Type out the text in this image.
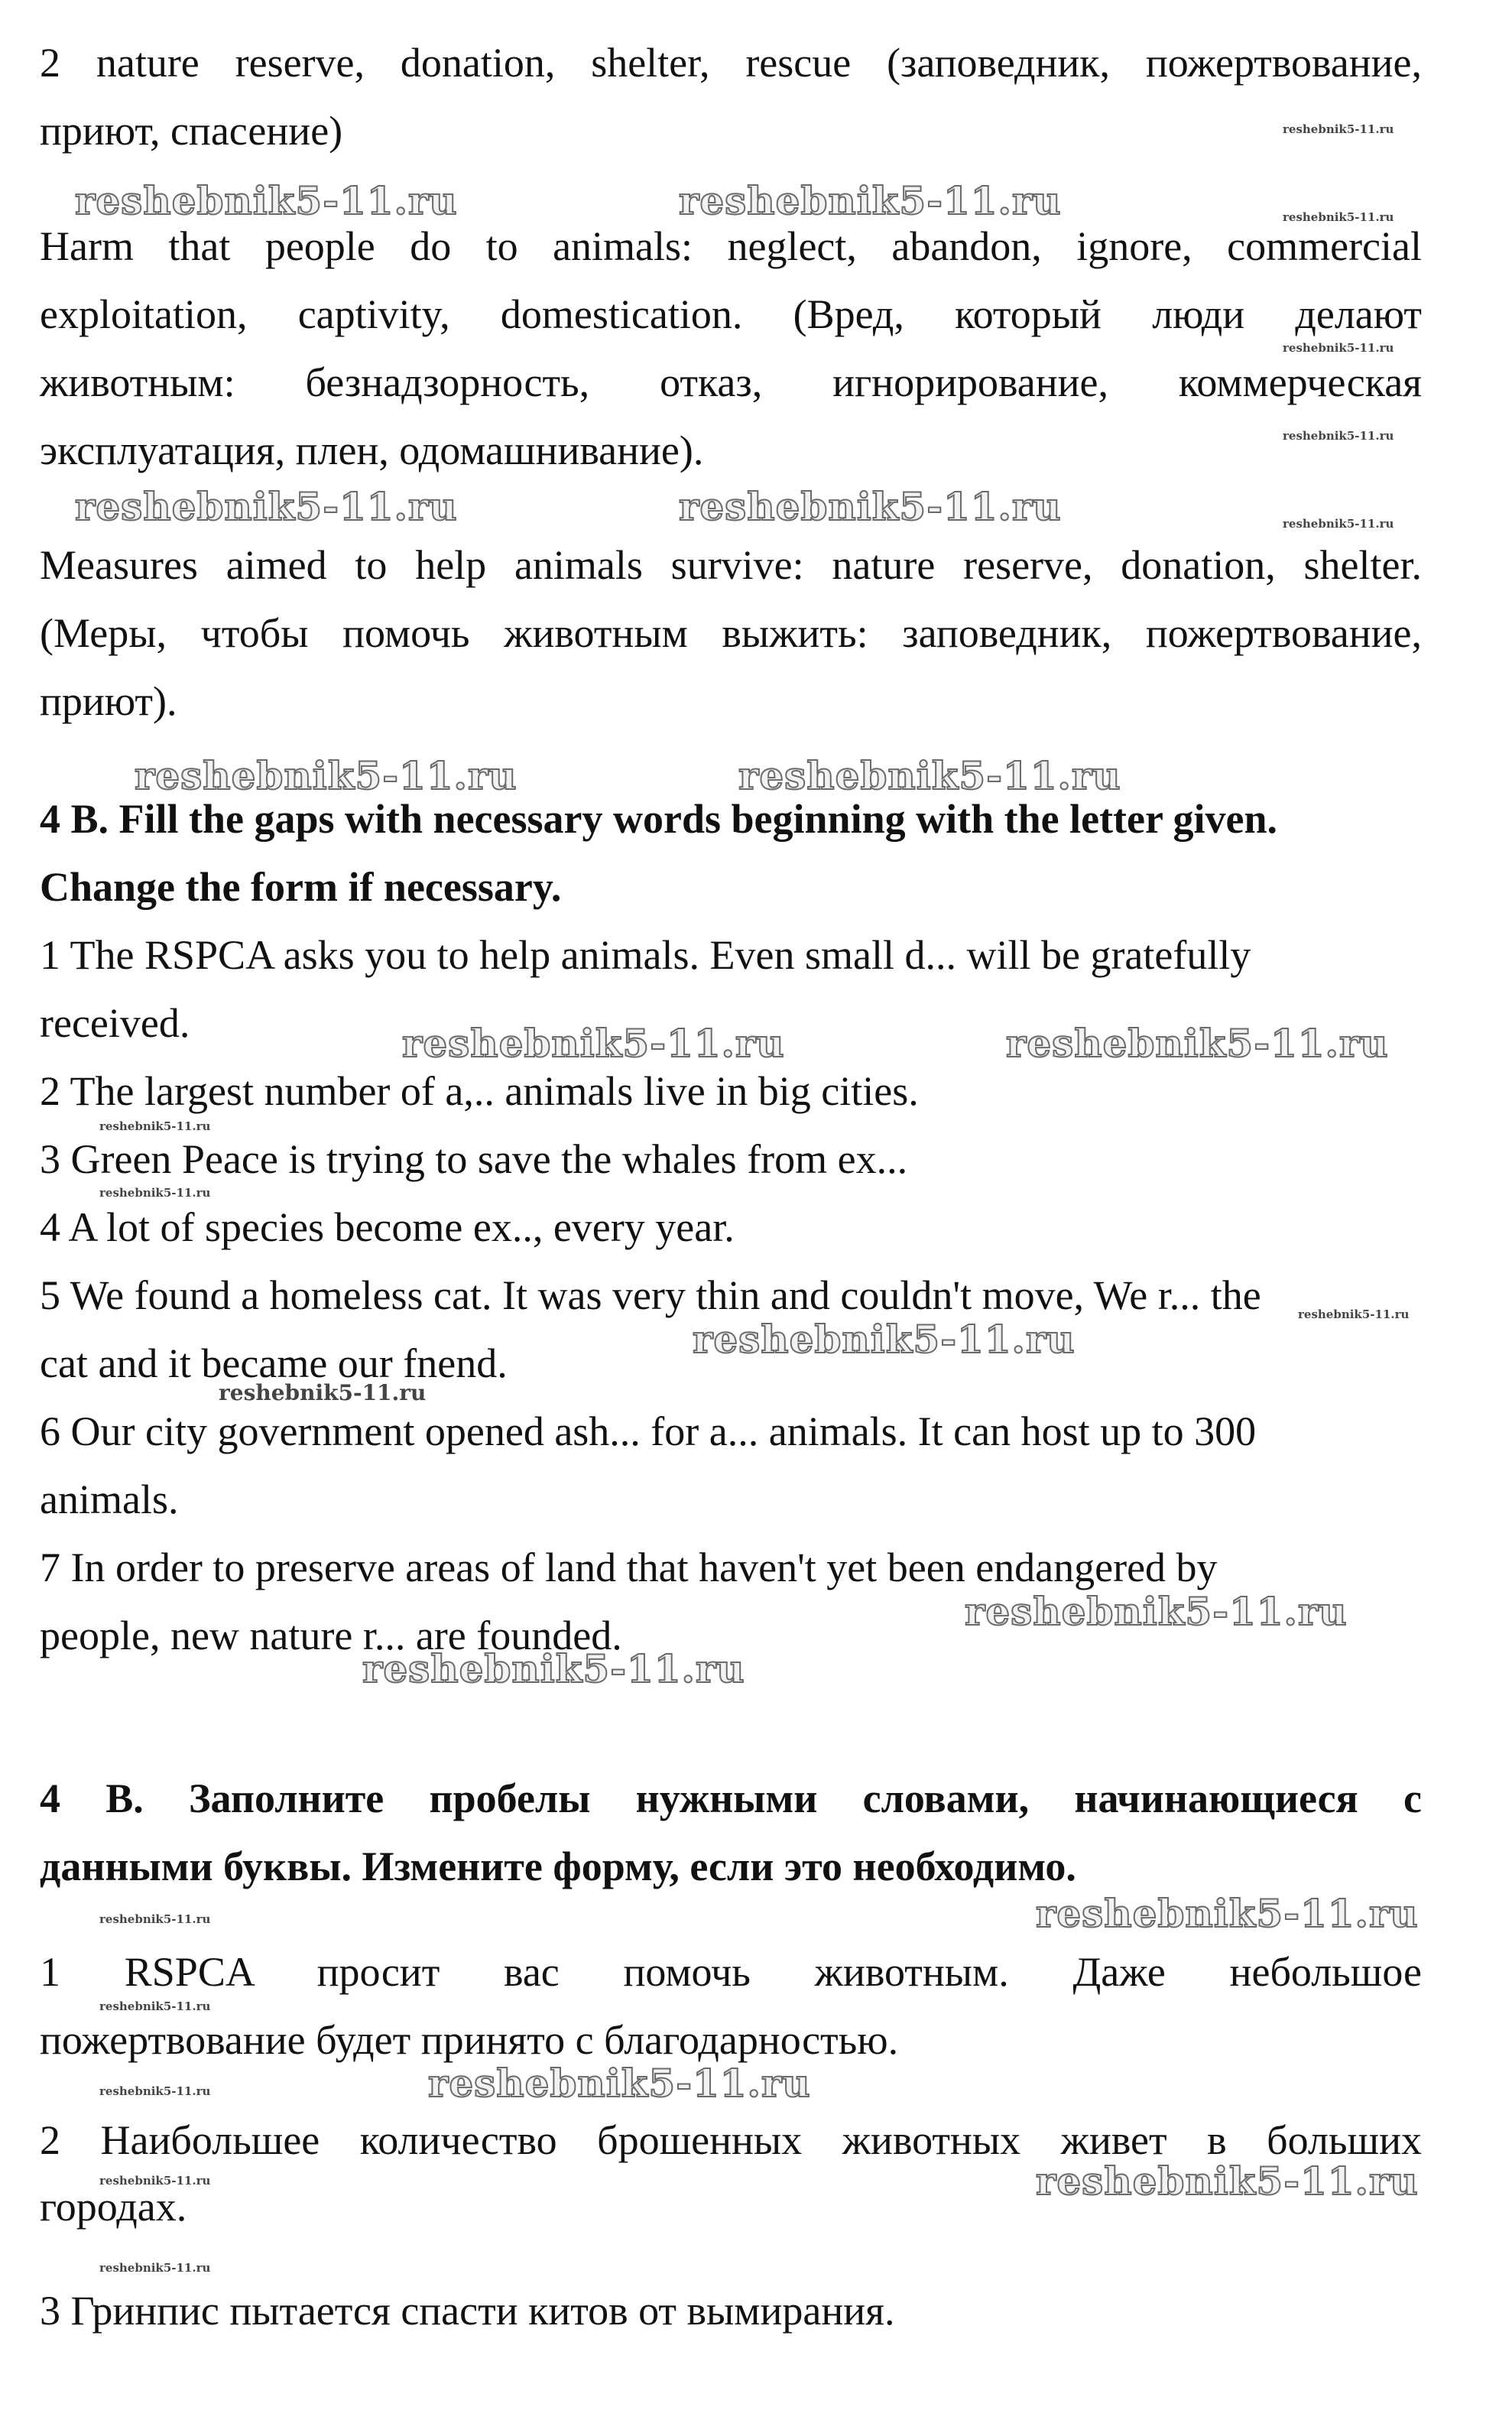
2 nature reserve, donation, shelter, rescue (заповедник, пожертвование,
приют, спасение)
Harm that people do to animals: neglect, abandon, ignore, commercial
exploitation, captivity, domestication. (Вред, который люди делают
животным: безнадзорность, отказ, игнорирование, коммерческая
эксплуатация, плен, одомашнивание).
Measures aimed to help animals survive: nature reserve, donation, shelter.
(Меры, чтобы помочь животным выжить: заповедник, пожертвование,
приют).
4 B. Fill the gaps with necessary words beginning with the letter given.
Change the form if necessary.
1 The RSPCA asks you to help animals. Even small d... will be gratefully
received.
2 The largest number of a,.. animals live in big cities.
3 Green Peace is trying to save the whales from ex...
4 A lot of species become ex.., every year.
5 We found a homeless cat. It was very thin and couldn't move, We r... the
cat and it became our fnend.
6 Our city government opened ash... for a... animals. It can host up to 300
animals.
7 In order to preserve areas of land that haven't yet been endangered by
people, new nature r... are founded.
4 В. Заполните пробелы нужными словами, начинающиеся с
данными буквы. Измените форму, если это необходимо.
1 RSPCA просит вас помочь животным. Даже небольшое
пожертвование будет принято с благодарностью.
2 Наибольшее количество брошенных животных живет в больших
городах.
3 Гринпис пытается спасти китов от вымирания.
reshebnik5-11.ru	reshebnik5-11.ru
reshebnik5-11.ru	reshebnik5-11.ru
reshebnik5-11.ru	reshebnik5-11.ru
reshebnik5-11.ru	reshebnik5-11.ru
reshebnik5-11.ru
reshebnik5-11.ru
reshebnik5-11.ru
reshebnik5-11.ru
reshebnik5-11.ru
reshebnik5-11.ru
reshebnik5-11.ru
reshebnik5-11.ru
reshebnik5-11.ru
reshebnik5-11.ru
reshebnik5-11.ru
reshebnik5-11.ru
reshebnik5-11.ru
reshebnik5-11.ru
reshebnik5-11.ru
reshebnik5-11.ru
reshebnik5-11.ru
reshebnik5-11.ru
reshebnik5-11.ru
reshebnik5-11.ru
